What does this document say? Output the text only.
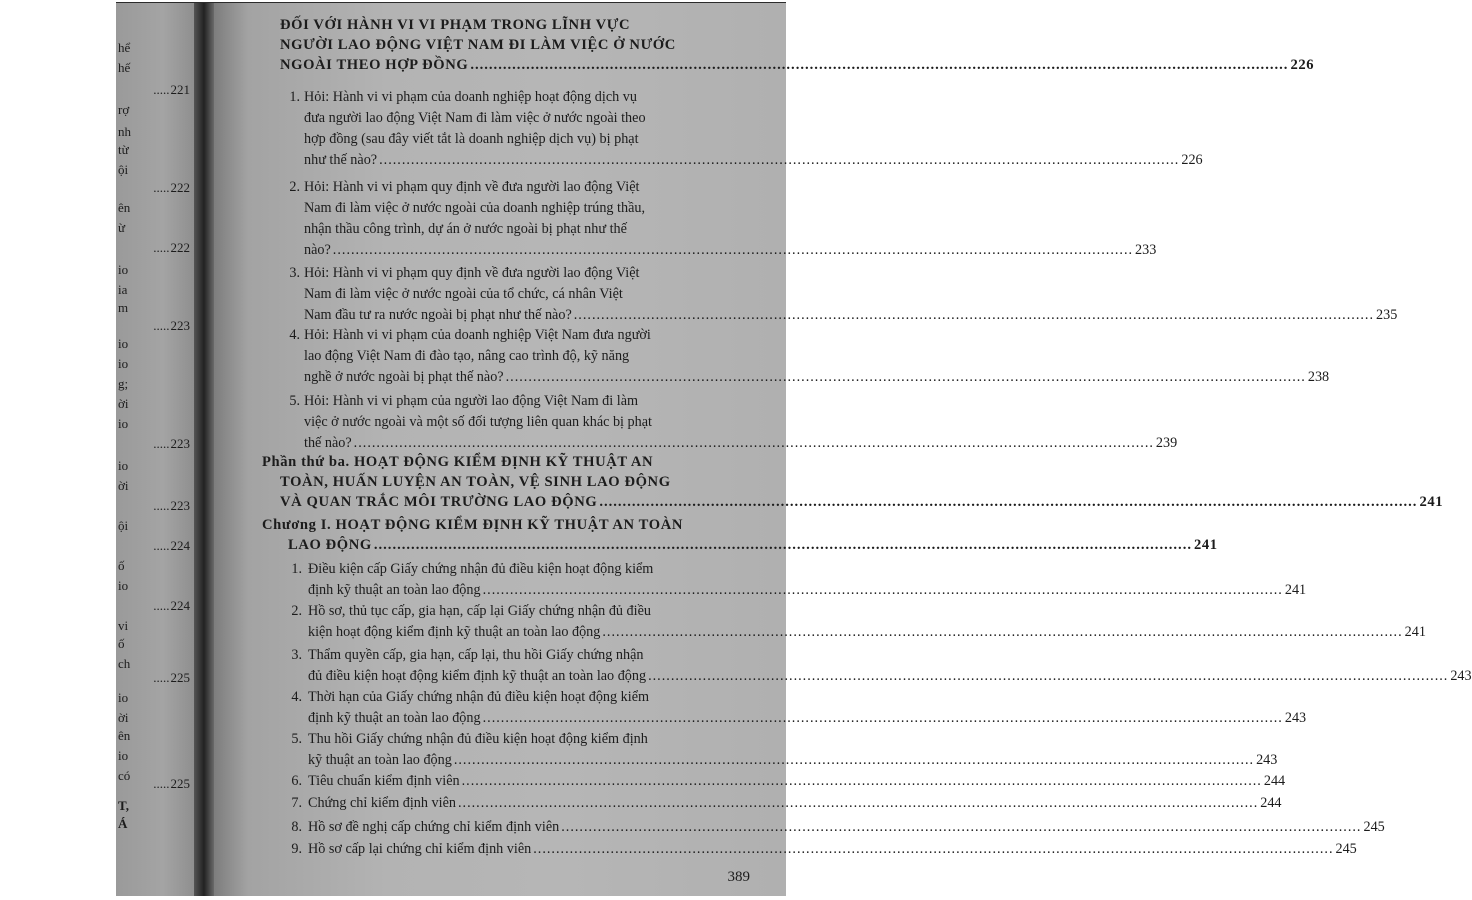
hể
hế
.....221
rợ
nh
từ
ội
.....222
ên
ừ
.....222
io
ia
m
.....223
io
io
g;
ời
io
.....223
io
ời
.....223
ội
.....224
ố
io
.....224
vi
ố
ch
.....225
io
ời
ên
io
có
.....225
T,
Á
ĐỐI VỚI HÀNH VI VI PHẠM TRONG LĨNH VỰC
NGƯỜI LAO ĐỘNG VIỆT NAM ĐI LÀM VIỆC Ở NƯỚC
NGOÀI THEO HỢP ĐỒNG .....	226
1. Hỏi: Hành vi vi phạm của doanh nghiệp hoạt động dịch vụ
đưa người lao động Việt Nam đi làm việc ở nước ngoài theo
hợp đồng (sau đây viết tắt là doanh nghiệp dịch vụ) bị phạt
như thế nào? .....	226
2. Hỏi: Hành vi vi phạm quy định về đưa người lao động Việt
Nam đi làm việc ở nước ngoài của doanh nghiệp trúng thầu,
nhận thầu công trình, dự án ở nước ngoài bị phạt như thế
nào? .....	233
3. Hỏi: Hành vi vi phạm quy định về đưa người lao động Việt
Nam đi làm việc ở nước ngoài của tổ chức, cá nhân Việt
Nam đầu tư ra nước ngoài bị phạt như thế nào? .....	235
4. Hỏi: Hành vi vi phạm của doanh nghiệp Việt Nam đưa người
lao động Việt Nam đi đào tạo, nâng cao trình độ, kỹ năng
nghề ở nước ngoài bị phạt thế nào? .....	238
5. Hỏi: Hành vi vi phạm của người lao động Việt Nam đi làm
việc ở nước ngoài và một số đối tượng liên quan khác bị phạt
thế nào? .....	239
Phần thứ ba. HOẠT ĐỘNG KIỂM ĐỊNH KỸ THUẬT AN
TOÀN, HUẤN LUYỆN AN TOÀN, VỆ SINH LAO ĐỘNG
VÀ QUAN TRẮC MÔI TRƯỜNG LAO ĐỘNG .....	241
Chương I. HOẠT ĐỘNG KIỂM ĐỊNH KỸ THUẬT AN TOÀN
LAO ĐỘNG .....	241
1. Điều kiện cấp Giấy chứng nhận đủ điều kiện hoạt động kiểm
định kỹ thuật an toàn lao động .....	241
2. Hồ sơ, thủ tục cấp, gia hạn, cấp lại Giấy chứng nhận đủ điều
kiện hoạt động kiểm định kỹ thuật an toàn lao động .....	241
3. Thẩm quyền cấp, gia hạn, cấp lại, thu hồi Giấy chứng nhận
đủ điều kiện hoạt động kiểm định kỹ thuật an toàn lao động .....	243
4. Thời hạn của Giấy chứng nhận đủ điều kiện hoạt động kiểm
định kỹ thuật an toàn lao động .....	243
5. Thu hồi Giấy chứng nhận đủ điều kiện hoạt động kiểm định
kỹ thuật an toàn lao động .....	243
6. Tiêu chuẩn kiểm định viên .....	244
7. Chứng chỉ kiểm định viên .....	244
8. Hồ sơ đề nghị cấp chứng chỉ kiểm định viên .....	245
9. Hồ sơ cấp lại chứng chỉ kiểm định viên .....	245
389
